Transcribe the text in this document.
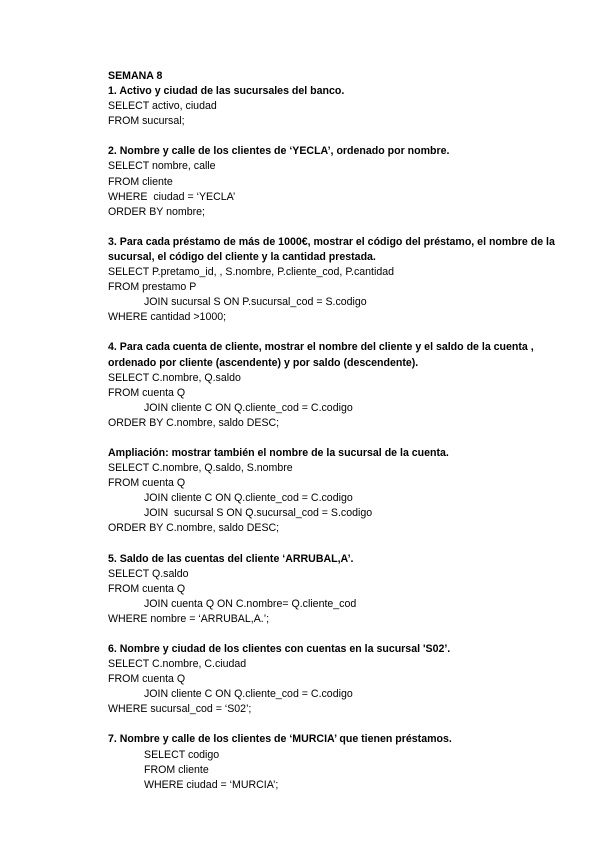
SEMANA 8

1. Activo y ciudad de las sucursales del banco.

SELECT activo, ciudad

FROM sucursal;

2. Nombre y calle de los clientes de ‘YECLA’, ordenado por nombre.

SELECT nombre, calle

FROM cliente

WHERE  ciudad = ‘YECLA’

ORDER BY nombre;

3. Para cada préstamo de más de 1000€, mostrar el código del préstamo, el nombre de la sucursal, el código del cliente y la cantidad prestada.

SELECT P.pretamo_id, , S.nombre, P.cliente_cod, P.cantidad

FROM prestamo P

JOIN sucursal S ON P.sucursal_cod = S.codigo

WHERE cantidad >1000;

4. Para cada cuenta de cliente, mostrar el nombre del cliente y el saldo de la cuenta , ordenado por cliente (ascendente) y por saldo (descendente).

SELECT C.nombre, Q.saldo

FROM cuenta Q

JOIN cliente C ON Q.cliente_cod = C.codigo

ORDER BY C.nombre, saldo DESC;

Ampliación: mostrar también el nombre de la sucursal de la cuenta.

SELECT C.nombre, Q.saldo, S.nombre

FROM cuenta Q

JOIN cliente C ON Q.cliente_cod = C.codigo

JOIN  sucursal S ON Q.sucursal_cod = S.codigo

ORDER BY C.nombre, saldo DESC;

5. Saldo de las cuentas del cliente ‘ARRUBAL,A’.

SELECT Q.saldo

FROM cuenta Q

JOIN cuenta Q ON C.nombre= Q.cliente_cod

WHERE nombre = ‘ARRUBAL,A.’;

6. Nombre y ciudad de los clientes con cuentas en la sucursal 'S02’.

SELECT C.nombre, C.ciudad

FROM cuenta Q

JOIN cliente C ON Q.cliente_cod = C.codigo

WHERE sucursal_cod = ‘S02’;

7. Nombre y calle de los clientes de ‘MURCIA’ que tienen préstamos.

SELECT codigo

FROM cliente

WHERE ciudad = ‘MURCIA’;
